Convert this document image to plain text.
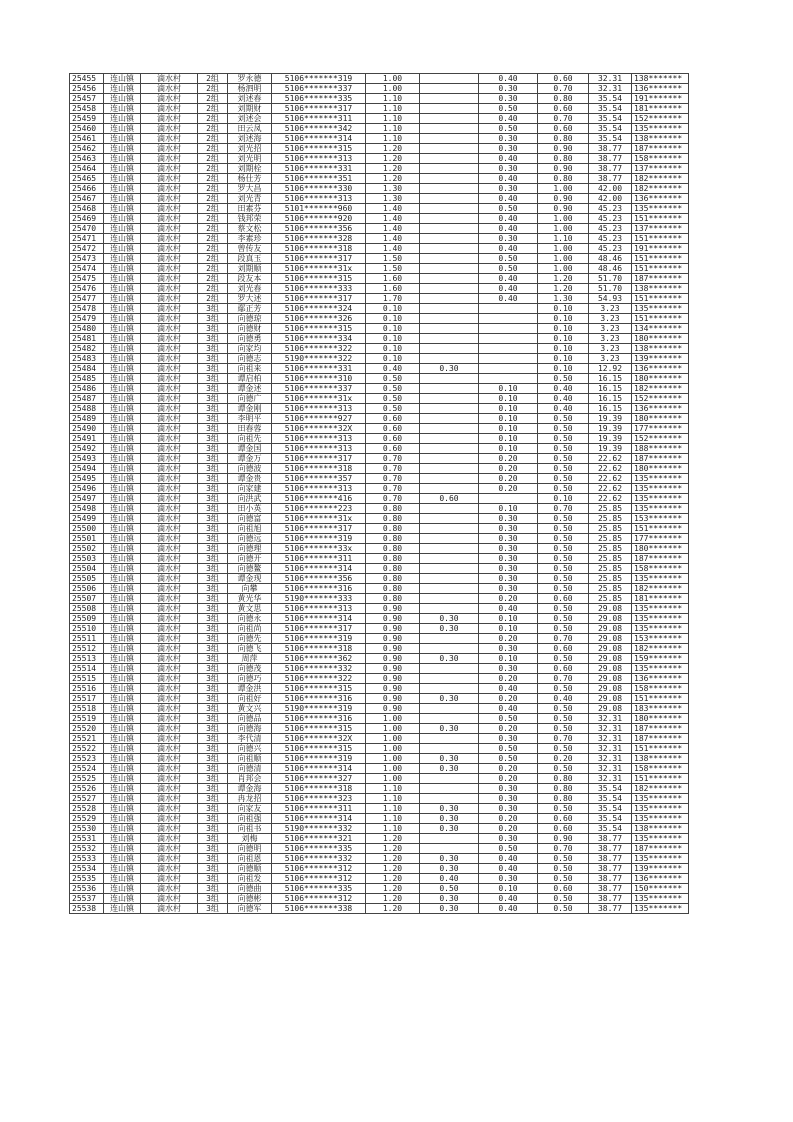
25455	连山镇	滴水村	2组	罗永德	5106*******319	1.00		0.40	0.60	32.31	138*******
25456	连山镇	滴水村	2组	杨泗明	5106*******337	1.00		0.30	0.70	32.31	136*******
25457	连山镇	滴水村	2组	刘述春	5106*******335	1.10		0.30	0.80	35.54	191*******
25458	连山镇	滴水村	2组	刘期财	5106*******317	1.10		0.50	0.60	35.54	181*******
25459	连山镇	滴水村	2组	刘述会	5106*******311	1.10		0.40	0.70	35.54	152*******
25460	连山镇	滴水村	2组	田云凤	5106*******342	1.10		0.50	0.60	35.54	135*******
25461	连山镇	滴水村	2组	刘述海	5106*******314	1.10		0.30	0.80	35.54	138*******
25462	连山镇	滴水村	2组	刘光招	5106*******315	1.20		0.30	0.90	38.77	187*******
25463	连山镇	滴水村	2组	刘光明	5106*******313	1.20		0.40	0.80	38.77	158*******
25464	连山镇	滴水村	2组	刘期栓	5106*******331	1.20		0.30	0.90	38.77	137*******
25465	连山镇	滴水村	2组	杨仕芳	5106*******351	1.20		0.40	0.80	38.77	182*******
25466	连山镇	滴水村	2组	罗大昌	5106*******330	1.30		0.30	1.00	42.00	182*******
25467	连山镇	滴水村	2组	刘光青	5106*******313	1.30		0.40	0.90	42.00	136*******
25468	连山镇	滴水村	2组	田素芬	5101*******960	1.40		0.50	0.90	45.23	135*******
25469	连山镇	滴水村	2组	钱邦荣	5106*******920	1.40		0.40	1.00	45.23	151*******
25470	连山镇	滴水村	2组	蔡文松	5106*******356	1.40		0.40	1.00	45.23	137*******
25471	连山镇	滴水村	2组	李素珍	5106*******328	1.40		0.30	1.10	45.23	151*******
25472	连山镇	滴水村	2组	曾传友	5106*******318	1.40		0.40	1.00	45.23	191*******
25473	连山镇	滴水村	2组	段真玉	5106*******317	1.50		0.50	1.00	48.46	151*******
25474	连山镇	滴水村	2组	刘期顺	5106*******31x	1.50		0.50	1.00	48.46	151*******
25475	连山镇	滴水村	2组	段友本	5106*******315	1.60		0.40	1.20	51.70	187*******
25476	连山镇	滴水村	2组	刘光春	5106*******333	1.60		0.40	1.20	51.70	138*******
25477	连山镇	滴水村	2组	罗大述	5106*******317	1.70		0.40	1.30	54.93	151*******
25478	连山镇	滴水村	3组	鄢正芳	5106*******324	0.10			0.10	3.23	135*******
25479	连山镇	滴水村	3组	向德琼	5106*******326	0.10			0.10	3.23	151*******
25480	连山镇	滴水村	3组	向德财	5106*******315	0.10			0.10	3.23	134*******
25481	连山镇	滴水村	3组	向德勇	5106*******334	0.10			0.10	3.23	180*******
25482	连山镇	滴水村	3组	向家均	5106*******322	0.10			0.10	3.23	138*******
25483	连山镇	滴水村	3组	向德志	5190*******322	0.10			0.10	3.23	139*******
25484	连山镇	滴水村	3组	向祖来	5106*******331	0.40	0.30		0.10	12.92	136*******
25485	连山镇	滴水村	3组	谭启柏	5106*******310	0.50			0.50	16.15	180*******
25486	连山镇	滴水村	3组	谭金述	5106*******337	0.50		0.10	0.40	16.15	182*******
25487	连山镇	滴水村	3组	向德广	5106*******31x	0.50		0.10	0.40	16.15	152*******
25488	连山镇	滴水村	3组	谭金刚	5106*******313	0.50		0.10	0.40	16.15	136*******
25489	连山镇	滴水村	3组	李明平	5106*******927	0.60		0.10	0.50	19.39	180*******
25490	连山镇	滴水村	3组	田春蓉	5106*******32X	0.60		0.10	0.50	19.39	177*******
25491	连山镇	滴水村	3组	向祖先	5106*******313	0.60		0.10	0.50	19.39	152*******
25492	连山镇	滴水村	3组	谭金国	5106*******313	0.60		0.10	0.50	19.39	188*******
25493	连山镇	滴水村	3组	谭金万	5106*******317	0.70		0.20	0.50	22.62	187*******
25494	连山镇	滴水村	3组	向德波	5106*******318	0.70		0.20	0.50	22.62	180*******
25495	连山镇	滴水村	3组	谭金贵	5106*******357	0.70		0.20	0.50	22.62	135*******
25496	连山镇	滴水村	3组	向家建	5106*******313	0.70		0.20	0.50	22.62	135*******
25497	连山镇	滴水村	3组	向洪武	5106*******416	0.70	0.60		0.10	22.62	135*******
25498	连山镇	滴水村	3组	田小英	5106*******223	0.80		0.10	0.70	25.85	135*******
25499	连山镇	滴水村	3组	向德富	5106*******31x	0.80		0.30	0.50	25.85	153*******
25500	连山镇	滴水村	3组	向祖旭	5106*******317	0.80		0.30	0.50	25.85	151*******
25501	连山镇	滴水村	3组	向德远	5106*******319	0.80		0.30	0.50	25.85	177*******
25502	连山镇	滴水村	3组	向德理	5106*******33x	0.80		0.30	0.50	25.85	180*******
25503	连山镇	滴水村	3组	向德开	5106*******311	0.80		0.30	0.50	25.85	187*******
25504	连山镇	滴水村	3组	向德鳌	5106*******314	0.80		0.30	0.50	25.85	158*******
25505	连山镇	滴水村	3组	谭金现	5106*******356	0.80		0.30	0.50	25.85	135*******
25506	连山镇	滴水村	3组	向攀	5106*******316	0.80		0.30	0.50	25.85	182*******
25507	连山镇	滴水村	3组	黄光华	5190*******333	0.80		0.20	0.60	25.85	181*******
25508	连山镇	滴水村	3组	黄文思	5106*******313	0.90		0.40	0.50	29.08	135*******
25509	连山镇	滴水村	3组	向德永	5106*******314	0.90	0.30	0.10	0.50	29.08	135*******
25510	连山镇	滴水村	3组	向祖尚	5106*******317	0.90	0.30	0.10	0.50	29.08	135*******
25511	连山镇	滴水村	3组	向德先	5106*******319	0.90		0.20	0.70	29.08	153*******
25512	连山镇	滴水村	3组	向德飞	5106*******318	0.90		0.30	0.60	29.08	182*******
25513	连山镇	滴水村	3组	周萍	5106*******362	0.90	0.30	0.10	0.50	29.08	159*******
25514	连山镇	滴水村	3组	向德茂	5106*******332	0.90		0.30	0.60	29.08	135*******
25515	连山镇	滴水村	3组	向德巧	5106*******322	0.90		0.20	0.70	29.08	136*******
25516	连山镇	滴水村	3组	谭金洪	5106*******315	0.90		0.40	0.50	29.08	158*******
25517	连山镇	滴水村	3组	向祖好	5106*******316	0.90	0.30	0.20	0.40	29.08	151*******
25518	连山镇	滴水村	3组	黄文兴	5190*******319	0.90		0.40	0.50	29.08	183*******
25519	连山镇	滴水村	3组	向德品	5106*******316	1.00		0.50	0.50	32.31	180*******
25520	连山镇	滴水村	3组	向德海	5106*******315	1.00	0.30	0.20	0.50	32.31	187*******
25521	连山镇	滴水村	3组	李代清	5106*******32X	1.00		0.30	0.70	32.31	187*******
25522	连山镇	滴水村	3组	向德兴	5106*******315	1.00		0.50	0.50	32.31	151*******
25523	连山镇	滴水村	3组	向祖顺	5106*******319	1.00	0.30	0.50	0.20	32.31	138*******
25524	连山镇	滴水村	3组	向德清	5106*******314	1.00	0.30	0.20	0.50	32.31	158*******
25525	连山镇	滴水村	3组	肖邦会	5106*******327	1.00		0.20	0.80	32.31	151*******
25526	连山镇	滴水村	3组	谭金海	5106*******318	1.10		0.30	0.80	35.54	182*******
25527	连山镇	滴水村	3组	冉龙招	5106*******323	1.10		0.30	0.80	35.54	135*******
25528	连山镇	滴水村	3组	向家友	5106*******311	1.10	0.30	0.30	0.50	35.54	135*******
25529	连山镇	滴水村	3组	向祖强	5106*******314	1.10	0.30	0.20	0.60	35.54	135*******
25530	连山镇	滴水村	3组	向祖书	5190*******332	1.10	0.30	0.20	0.60	35.54	138*******
25531	连山镇	滴水村	3组	刘梅	5106*******321	1.20		0.30	0.90	38.77	135*******
25532	连山镇	滴水村	3组	向德明	5106*******335	1.20		0.50	0.70	38.77	187*******
25533	连山镇	滴水村	3组	向祖恩	5106*******332	1.20	0.30	0.40	0.50	38.77	135*******
25534	连山镇	滴水村	3组	向德顺	5106*******312	1.20	0.30	0.40	0.50	38.77	139*******
25535	连山镇	滴水村	3组	向祖发	5106*******312	1.20	0.40	0.30	0.50	38.77	136*******
25536	连山镇	滴水村	3组	向德曲	5106*******335	1.20	0.50	0.10	0.60	38.77	150*******
25537	连山镇	滴水村	3组	向德彬	5106*******312	1.20	0.30	0.40	0.50	38.77	135*******
25538	连山镇	滴水村	3组	向德军	5106*******338	1.20	0.30	0.40	0.50	38.77	135*******
